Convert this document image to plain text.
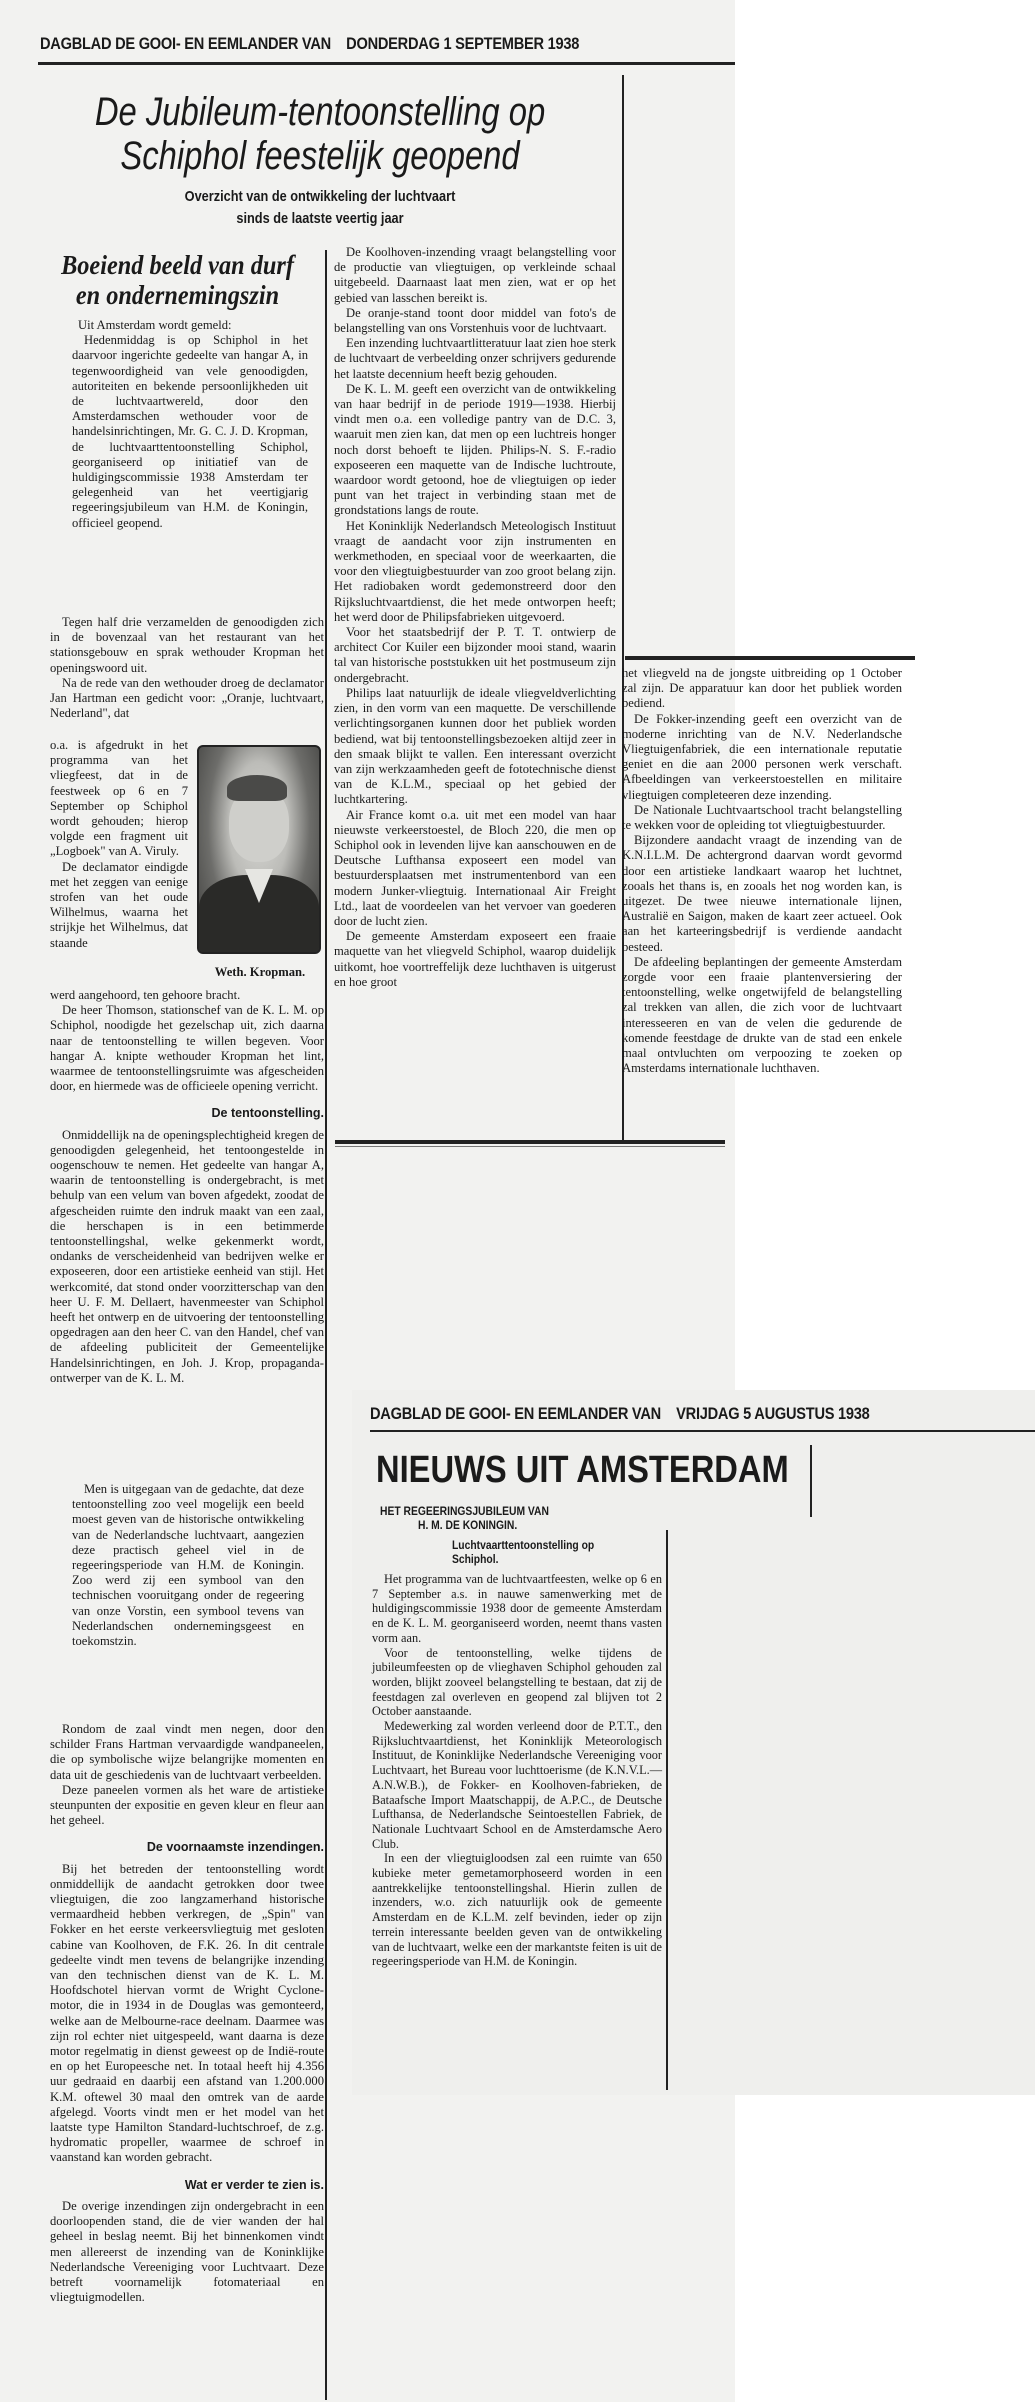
DAGBLAD DE GOOI- EN EEMLANDER VAN DONDERDAG 1 SEPTEMBER 1938
De Jubileum-tentoonstelling op
Schiphol feestelijk geopend
Overzicht van de ontwikkeling der luchtvaart
sinds de laatste veertig jaar
Boeiend beeld van durf
en ondernemingszin

Uit Amsterdam wordt gemeld:

Hedenmiddag is op Schiphol in het daarvoor ingerichte gedeelte van hangar A, in tegenwoordigheid van vele genoodigden, autoriteiten en bekende persoonlijkheden uit de luchtvaartwereld, door den Amsterdamschen wethouder voor de handelsinrichtingen, Mr. G. C. J. D. Kropman, de luchtvaarttentoonstelling Schiphol, georganiseerd op initiatief van de huldigingscommissie 1938 Amsterdam ter gelegenheid van het veertigjarig regeeringsjubileum van H.M. de Koningin, officieel geopend.

Tegen half drie verzamelden de genoodigden zich in de bovenzaal van het restaurant van het stationsgebouw en sprak wethouder Kropman het openingswoord uit.

Na de rede van den wethouder droeg de declamator Jan Hartman een gedicht voor: „Oranje, luchtvaart, Nederland", dat

o.a. is afgedrukt in het programma van het vliegfeest, dat in de feestweek op 6 en 7 September op Schiphol wordt gehouden; hierop volgde een fragment uit „Logboek" van A. Viruly.

De declamator eindigde met het zeggen van eenige strofen van het oude Wilhelmus, waarna het strijkje het Wilhelmus, dat staande

Weth. Kropman.

werd aangehoord, ten gehoore bracht.

De heer Thomson, stationschef van de K. L. M. op Schiphol, noodigde het gezelschap uit, zich daarna naar de tentoonstelling te willen begeven. Voor hangar A. knipte wethouder Kropman het lint, waarmee de tentoonstellingsruimte was afgescheiden door, en hiermede was de officieele opening verricht.

De tentoonstelling.

Onmiddellijk na de openingsplechtigheid kregen de genoodigden gelegenheid, het tentoongestelde in oogenschouw te nemen. Het gedeelte van hangar A, waarin de tentoonstelling is ondergebracht, is met behulp van een velum van boven afgedekt, zoodat de afgescheiden ruimte den indruk maakt van een zaal, die herschapen is in een betimmerde tentoonstellingshal, welke gekenmerkt wordt, ondanks de verscheidenheid van bedrijven welke er exposeeren, door een artistieke eenheid van stijl. Het werkcomité, dat stond onder voorzitterschap van den heer U. F. M. Dellaert, havenmeester van Schiphol heeft het ontwerp en de uitvoering der tentoonstelling opgedragen aan den heer C. van den Handel, chef van de afdeeling publiciteit der Gemeentelijke Handelsinrichtingen, en Joh. J. Krop, propaganda-ontwerper van de K. L. M.

Men is uitgegaan van de gedachte, dat deze tentoonstelling zoo veel mogelijk een beeld moest geven van de historische ontwikkeling van de Nederlandsche luchtvaart, aangezien deze practisch geheel viel in de regeeringsperiode van H.M. de Koningin. Zoo werd zij een symbool van den technischen vooruitgang onder de regeering van onze Vorstin, een symbool tevens van Nederlandschen ondernemingsgeest en toekomstzin.

Rondom de zaal vindt men negen, door den schilder Frans Hartman vervaardigde wandpaneelen, die op symbolische wijze belangrijke momenten en data uit de geschiedenis van de luchtvaart verbeelden.

Deze paneelen vormen als het ware de artistieke steunpunten der expositie en geven kleur en fleur aan het geheel.

De voornaamste inzendingen.

Bij het betreden der tentoonstelling wordt onmiddellijk de aandacht getrokken door twee vliegtuigen, die zoo langzamerhand historische vermaardheid hebben verkregen, de „Spin" van Fokker en het eerste verkeersvliegtuig met gesloten cabine van Koolhoven, de F.K. 26. In dit centrale gedeelte vindt men tevens de belangrijke inzending van den technischen dienst van de K. L. M. Hoofdschotel hiervan vormt de Wright Cyclone-motor, die in 1934 in de Douglas was gemonteerd, welke aan de Melbourne-race deelnam. Daarmee was zijn rol echter niet uitgespeeld, want daarna is deze motor regelmatig in dienst geweest op de Indië-route en op het Europeesche net. In totaal heeft hij 4.356 uur gedraaid en daarbij een afstand van 1.200.000 K.M. oftewel 30 maal den omtrek van de aarde afgelegd. Voorts vindt men er het model van het laatste type Hamilton Standard-luchtschroef, de z.g. hydromatic propeller, waarmee de schroef in vaanstand kan worden gebracht.

Wat er verder te zien is.

De overige inzendingen zijn ondergebracht in een doorloopenden stand, die de vier wanden der hal geheel in beslag neemt. Bij het binnenkomen vindt men allereerst de inzending van de Koninklijke Nederlandsche Vereeniging voor Luchtvaart. Deze betreft voornamelijk fotomateriaal en vliegtuigmodellen.

De Koolhoven-inzending vraagt belangstelling voor de productie van vliegtuigen, op verkleinde schaal uitgebeeld. Daarnaast laat men zien, wat er op het gebied van lasschen bereikt is.

De oranje-stand toont door middel van foto's de belangstelling van ons Vorstenhuis voor de luchtvaart.

Een inzending luchtvaartlitteratuur laat zien hoe sterk de luchtvaart de verbeelding onzer schrijvers gedurende het laatste decennium heeft bezig gehouden.

De K. L. M. geeft een overzicht van de ontwikkeling van haar bedrijf in de periode 1919—1938. Hierbij vindt men o.a. een volledige pantry van de D.C. 3, waaruit men zien kan, dat men op een luchtreis honger noch dorst behoeft te lijden. Philips-N. S. F.-radio exposeeren een maquette van de Indische luchtroute, waardoor wordt getoond, hoe de vliegtuigen op ieder punt van het traject in verbinding staan met de grondstations langs de route.

Het Koninklijk Nederlandsch Meteologisch Instituut vraagt de aandacht voor zijn instrumenten en werkmethoden, en speciaal voor de weerkaarten, die voor den vliegtuigbestuurder van zoo groot belang zijn. Het radiobaken wordt gedemonstreerd door den Rijksluchtvaartdienst, die het mede ontworpen heeft; het werd door de Philipsfabrieken uitgevoerd.

Voor het staatsbedrijf der P. T. T. ontwierp de architect Cor Kuiler een bijzonder mooi stand, waarin tal van historische poststukken uit het postmuseum zijn ondergebracht.

Philips laat natuurlijk de ideale vliegveldverlichting zien, in den vorm van een maquette. De verschillende verlichtingsorganen kunnen door het publiek worden bediend, wat bij tentoonstellingsbezoeken altijd zeer in den smaak blijkt te vallen. Een interessant overzicht van zijn werkzaamheden geeft de fototechnische dienst van de K.L.M., speciaal op het gebied der luchtkartering.

Air France komt o.a. uit met een model van haar nieuwste verkeerstoestel, de Bloch 220, die men op Schiphol ook in levenden lijve kan aanschouwen en de Deutsche Lufthansa exposeert een model van bestuurdersplaatsen met instrumentenbord van een modern Junker-vliegtuig. Internationaal Air Freight Ltd., laat de voordeelen van het vervoer van goederen door de lucht zien.

De gemeente Amsterdam exposeert een fraaie maquette van het vliegveld Schiphol, waarop duidelijk uitkomt, hoe voortreffelijk deze luchthaven is uitgerust en hoe groot

het vliegveld na de jongste uitbreiding op 1 October zal zijn. De apparatuur kan door het publiek worden bediend.

De Fokker-inzending geeft een overzicht van de moderne inrichting van de N.V. Nederlandsche Vliegtuigenfabriek, die een internationale reputatie geniet en die aan 2000 personen werk verschaft. Afbeeldingen van verkeerstoestellen en militaire vliegtuigen completeeren deze inzending.

De Nationale Luchtvaartschool tracht belangstelling te wekken voor de opleiding tot vliegtuigbestuurder.

Bijzondere aandacht vraagt de inzending van de K.N.I.L.M. De achtergrond daarvan wordt gevormd door een artistieke landkaart waarop het luchtnet, zooals het thans is, en zooals het nog worden kan, is uitgezet. De twee nieuwe internationale lijnen, Australië en Saigon, maken de kaart zeer actueel. Ook aan het karteeringsbedrijf is verdiende aandacht besteed.

De afdeeling beplantingen der gemeente Amsterdam zorgde voor een fraaie plantenversiering der tentoonstelling, welke ongetwijfeld de belangstelling zal trekken van allen, die zich voor de luchtvaart interesseeren en van de velen die gedurende de komende feestdage de drukte van de stad een enkele maal ontvluchten om verpoozing te zoeken op Amsterdams internationale luchthaven.

DAGBLAD DE GOOI- EN EEMLANDER VAN VRIJDAG 5 AUGUSTUS 1938
NIEUWS UIT AMSTERDAM
HET REGEERINGSJUBILEUM VAN
H. M. DE KONINGIN.
Luchtvaarttentoonstelling op
Schiphol.

Het programma van de luchtvaartfeesten, welke op 6 en 7 September a.s. in nauwe samenwerking met de huldigingscommissie 1938 door de gemeente Amsterdam en de K. L. M. georganiseerd worden, neemt thans vasten vorm aan.

Voor de tentoonstelling, welke tijdens de jubileumfeesten op de vlieghaven Schiphol gehouden zal worden, blijkt zooveel belangstelling te bestaan, dat zij de feestdagen zal overleven en geopend zal blijven tot 2 October aanstaande.

Medewerking zal worden verleend door de P.T.T., den Rijksluchtvaartdienst, het Koninklijk Meteorologisch Instituut, de Koninklijke Nederlandsche Vereeniging voor Luchtvaart, het Bureau voor luchttoerisme (de K.N.V.L.—A.N.W.B.), de Fokker- en Koolhoven-fabrieken, de Bataafsche Import Maatschappij, de A.P.C., de Deutsche Lufthansa, de Nederlandsche Seintoestellen Fabriek, de Nationale Luchtvaart School en de Amsterdamsche Aero Club.

In een der vliegtuigloodsen zal een ruimte van 650 kubieke meter gemetamorphoseerd worden in een aantrekkelijke tentoonstellingshal. Hierin zullen de inzenders, w.o. zich natuurlijk ook de gemeente Amsterdam en de K.L.M. zelf bevinden, ieder op zijn terrein interessante beelden geven van de ontwikkeling van de luchtvaart, welke een der markantste feiten is uit de regeeringsperiode van H.M. de Koningin.
